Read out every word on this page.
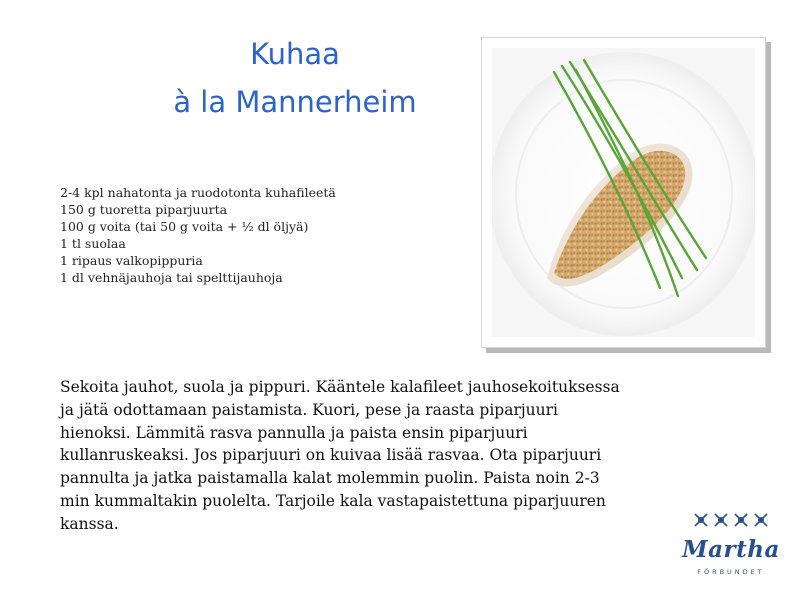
Kuhaa
à la Mannerheim
2-4 kpl nahatonta ja ruodotonta kuhafileetä
150 g tuoretta piparjuurta
100 g voita (tai 50 g voita + ½ dl öljyä)
1 tl suolaa
1 ripaus valkopippuria
1 dl vehnäjauhoja tai spelttijauhoja
Sekoita jauhot, suola ja pippuri. Kääntele kalafileet jauhosekoituksessa
ja jätä odottamaan paistamista. Kuori, pese ja raasta piparjuuri
hienoksi. Lämmitä rasva pannulla ja paista ensin piparjuuri
kullanruskeaksi. Jos piparjuuri on kuivaa lisää rasvaa. Ota piparjuuri
pannulta ja jatka paistamalla kalat molemmin puolin. Paista noin 2-3
min kummaltakin puolelta. Tarjoile kala vastapaistettuna piparjuuren
kanssa.
Martha
FÖRBUNDET
